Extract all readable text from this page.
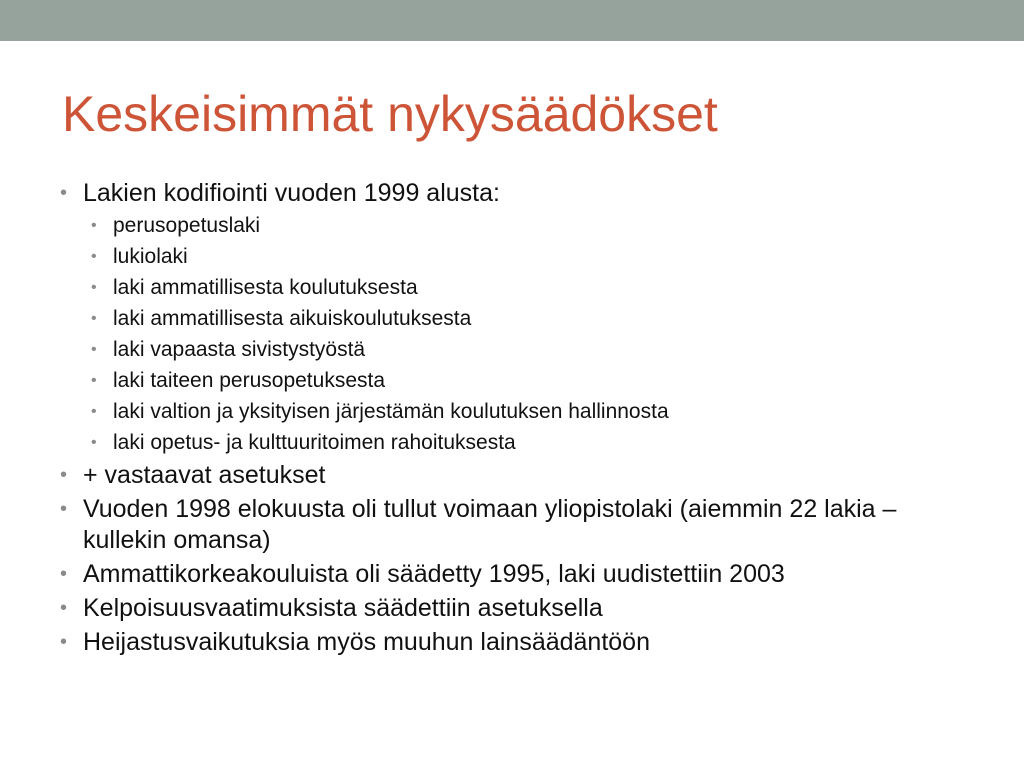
Keskeisimmät nykysäädökset
• Lakien kodifiointi vuoden 1999 alusta:
• perusopetuslaki
• lukiolaki
• laki ammatillisesta koulutuksesta
• laki ammatillisesta aikuiskoulutuksesta
• laki vapaasta sivistystyöstä
• laki taiteen perusopetuksesta
• laki valtion ja yksityisen järjestämän koulutuksen hallinnosta
• laki opetus- ja kulttuuritoimen rahoituksesta
• + vastaavat asetukset
• Vuoden 1998 elokuusta oli tullut voimaan yliopistolaki (aiemmin 22 lakia –kullekin omansa)
• Ammattikorkeakouluista oli säädetty 1995, laki uudistettiin 2003
• Kelpoisuusvaatimuksista säädettiin asetuksella
• Heijastusvaikutuksia myös muuhun lainsäädäntöön
